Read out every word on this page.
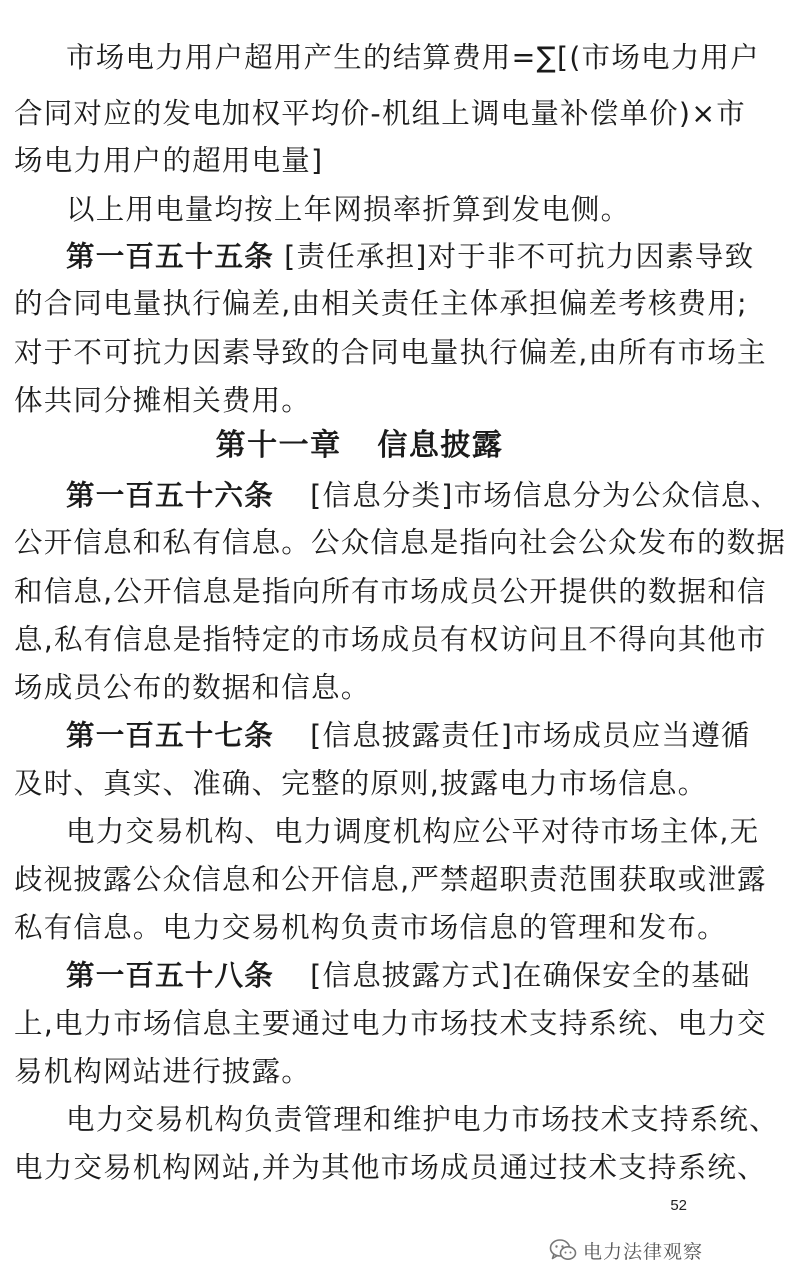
市场电力用户超用产生的结算费用=∑[(市场电力用户
合同对应的发电加权平均价-机组上调电量补偿单价)×市
场电力用户的超用电量]
以上用电量均按上年网损率折算到发电侧。
第一百五十五条 [责任承担]对于非不可抗力因素导致
的合同电量执行偏差,由相关责任主体承担偏差考核费用;
对于不可抗力因素导致的合同电量执行偏差,由所有市场主
体共同分摊相关费用。
第十一章   信息披露
第一百五十六条 [信息分类]市场信息分为公众信息、
公开信息和私有信息。公众信息是指向社会公众发布的数据
和信息,公开信息是指向所有市场成员公开提供的数据和信
息,私有信息是指特定的市场成员有权访问且不得向其他市
场成员公布的数据和信息。
第一百五十七条 [信息披露责任]市场成员应当遵循
及时、真实、准确、完整的原则,披露电力市场信息。
电力交易机构、电力调度机构应公平对待市场主体,无
歧视披露公众信息和公开信息,严禁超职责范围获取或泄露
私有信息。电力交易机构负责市场信息的管理和发布。
第一百五十八条 [信息披露方式]在确保安全的基础
上,电力市场信息主要通过电力市场技术支持系统、电力交
易机构网站进行披露。
电力交易机构负责管理和维护电力市场技术支持系统、
电力交易机构网站,并为其他市场成员通过技术支持系统、
52
电力法律观察
